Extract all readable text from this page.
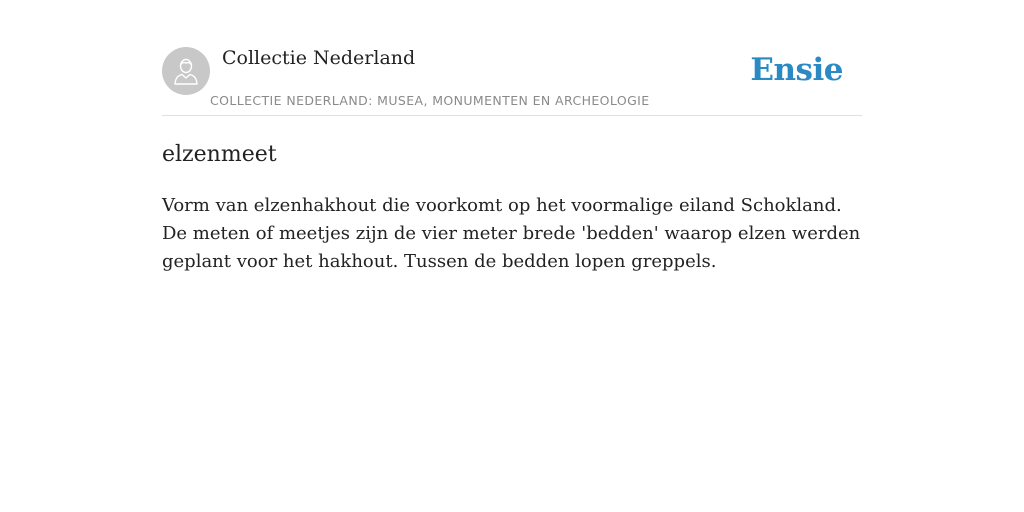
Collectie Nederland
COLLECTIE NEDERLAND: MUSEA, MONUMENTEN EN ARCHEOLOGIE
Ensie
elzenmeet

Vorm van elzenhakhout die voorkomt op het voormalige eiland Schokland. De meten of meetjes zijn de vier meter brede 'bedden' waarop elzen werden geplant voor het hakhout. Tussen de bedden lopen greppels.
